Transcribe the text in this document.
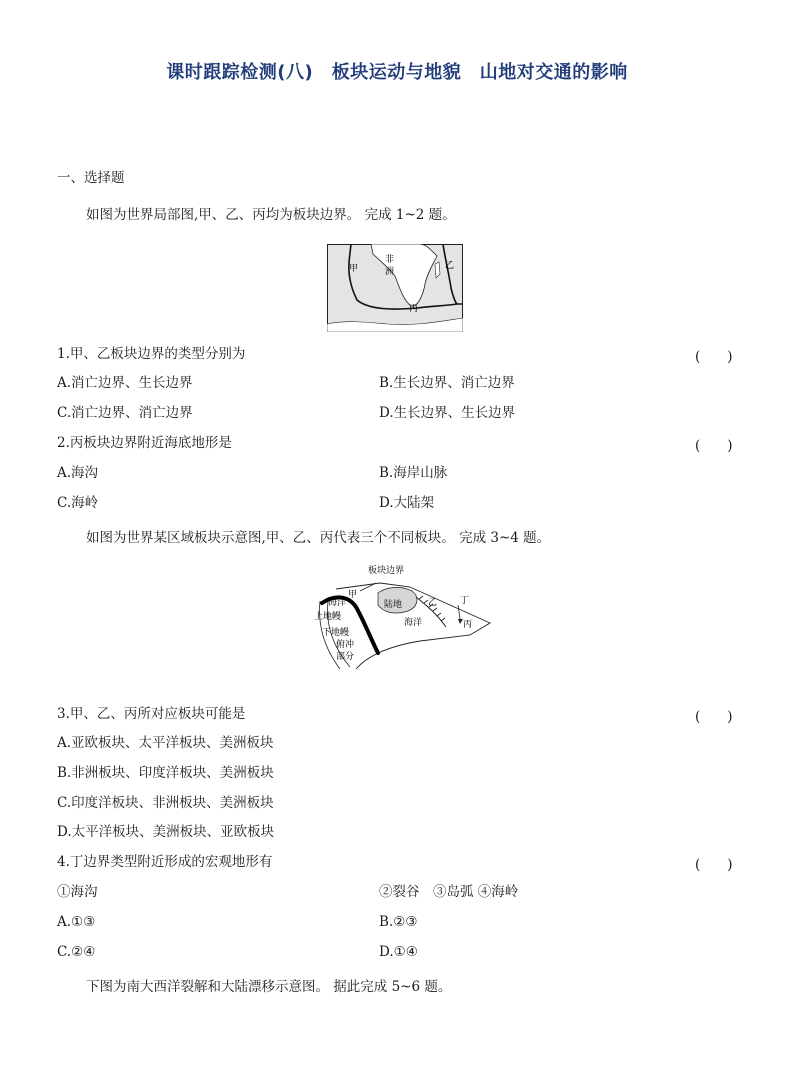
课时跟踪检测(八)　板块运动与地貌　山地对交通的影响
一、选择题
如图为世界局部图,甲、乙、丙均为板块边界。 完成 1~2 题。
甲
非
洲
乙
丙
1.甲、乙板块边界的类型分别为	(　　)
A.消亡边界、生长边界	B.生长边界、消亡边界
C.消亡边界、消亡边界	D.生长边界、生长边界
2.丙板块边界附近海底地形是	(　　)
A.海沟	B.海岸山脉
C.海岭	D.大陆架
如图为世界某区域板块示意图,甲、乙、丙代表三个不同板块。 完成 3~4 题。
板块边界
甲
海洋	陆地	乙	丁
上地幔
海洋	丙
下地幔
俯冲
部分
3.甲、乙、丙所对应板块可能是	(　　)
A.亚欧板块、太平洋板块、美洲板块
B.非洲板块、印度洋板块、美洲板块
C.印度洋板块、非洲板块、美洲板块
D.太平洋板块、美洲板块、亚欧板块
4.丁边界类型附近形成的宏观地形有	(　　)
①海沟	②裂谷　③岛弧 ④海岭
A.①③	B.②③
C.②④	D.①④
下图为南大西洋裂解和大陆漂移示意图。 据此完成 5~6 题。
